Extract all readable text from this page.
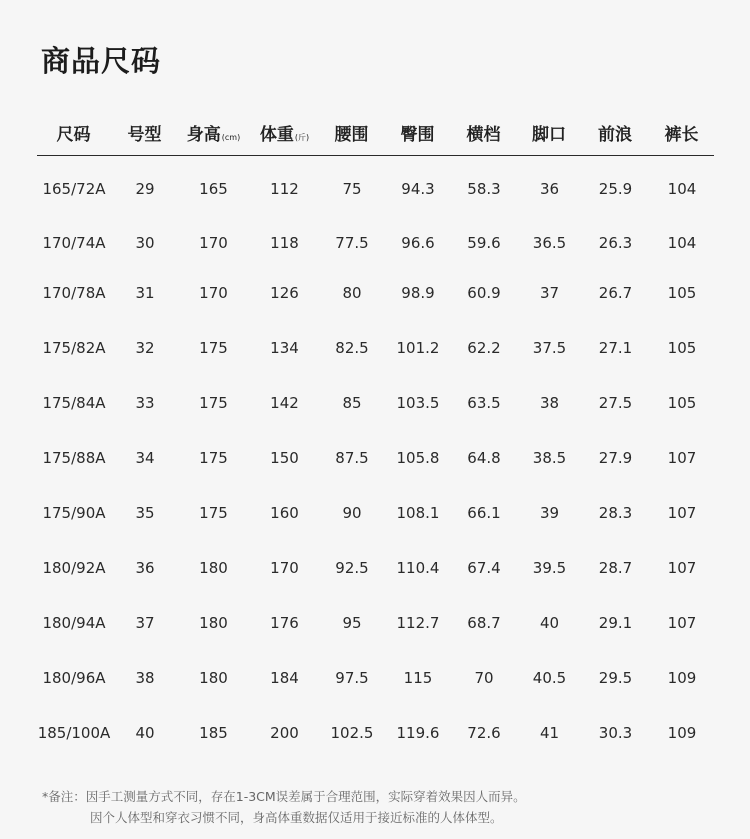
商品尺码
尺码	号型	身高(cm)	体重(斤)	腰围	臀围	横档	脚口	前浪	裤长
165/72A	29	165	112	75	94.3	58.3	36	25.9	104
170/74A	30	170	118	77.5	96.6	59.6	36.5	26.3	104
170/78A	31	170	126	80	98.9	60.9	37	26.7	105
175/82A	32	175	134	82.5	101.2	62.2	37.5	27.1	105
175/84A	33	175	142	85	103.5	63.5	38	27.5	105
175/88A	34	175	150	87.5	105.8	64.8	38.5	27.9	107
175/90A	35	175	160	90	108.1	66.1	39	28.3	107
180/92A	36	180	170	92.5	110.4	67.4	39.5	28.7	107
180/94A	37	180	176	95	112.7	68.7	40	29.1	107
180/96A	38	180	184	97.5	115	70	40.5	29.5	109
185/100A	40	185	200	102.5	119.6	72.6	41	30.3	109
*备注：因手工测量方式不同，存在1-3CM误差属于合理范围，实际穿着效果因人而异。
因个人体型和穿衣习惯不同，身高体重数据仅适用于接近标准的人体体型。
